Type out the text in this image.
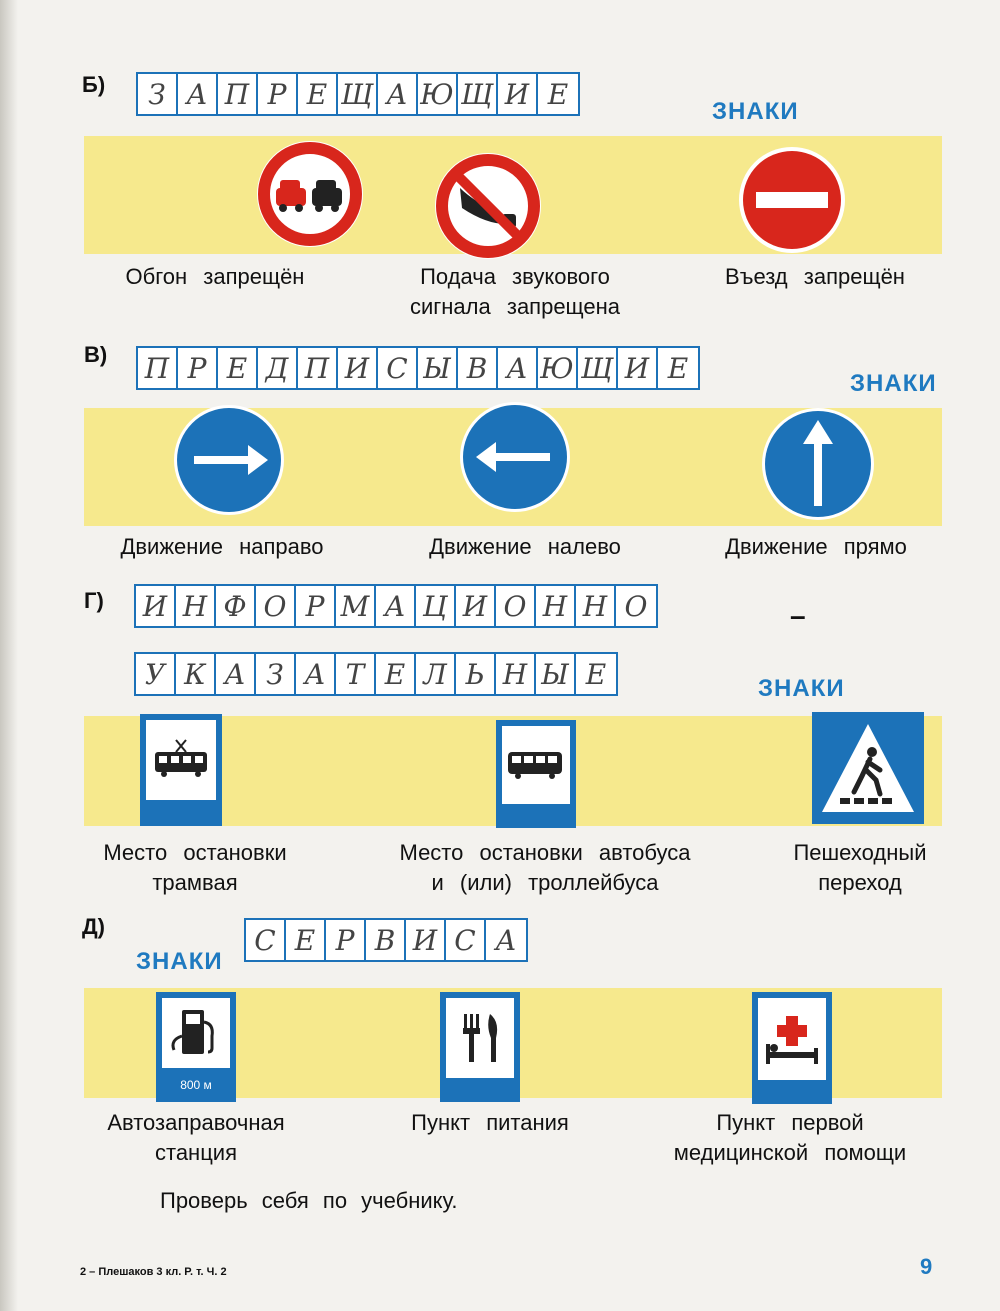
Б)	З А П Р Е Щ А Ю Щ И Е
ЗНАКИ
Обгон запрещён	Подача звукового
сигнала запрещена
Въезд запрещён
В) П Р Е Д П И С Ы В А Ю Щ И Е	ЗНАКИ
Движение направо	Движение налево	Движение прямо
Г) И Н Ф О Р М А Ц И О Н Н О	–
У К А З А Т Е Л Ь Н Ы Е	ЗНАКИ
Место остановки
трамвая
Место остановки автобуса
и (или) троллейбуса
Пешеходный
переход
Д)
ЗНАКИ
С Е Р В И С А
800 м
Автозаправочная
станция
Пункт питания	Пункт первой
медицинской помощи
Проверь себя по учебнику.
2 – Плешаков 3 кл. Р. т. Ч. 2	9
